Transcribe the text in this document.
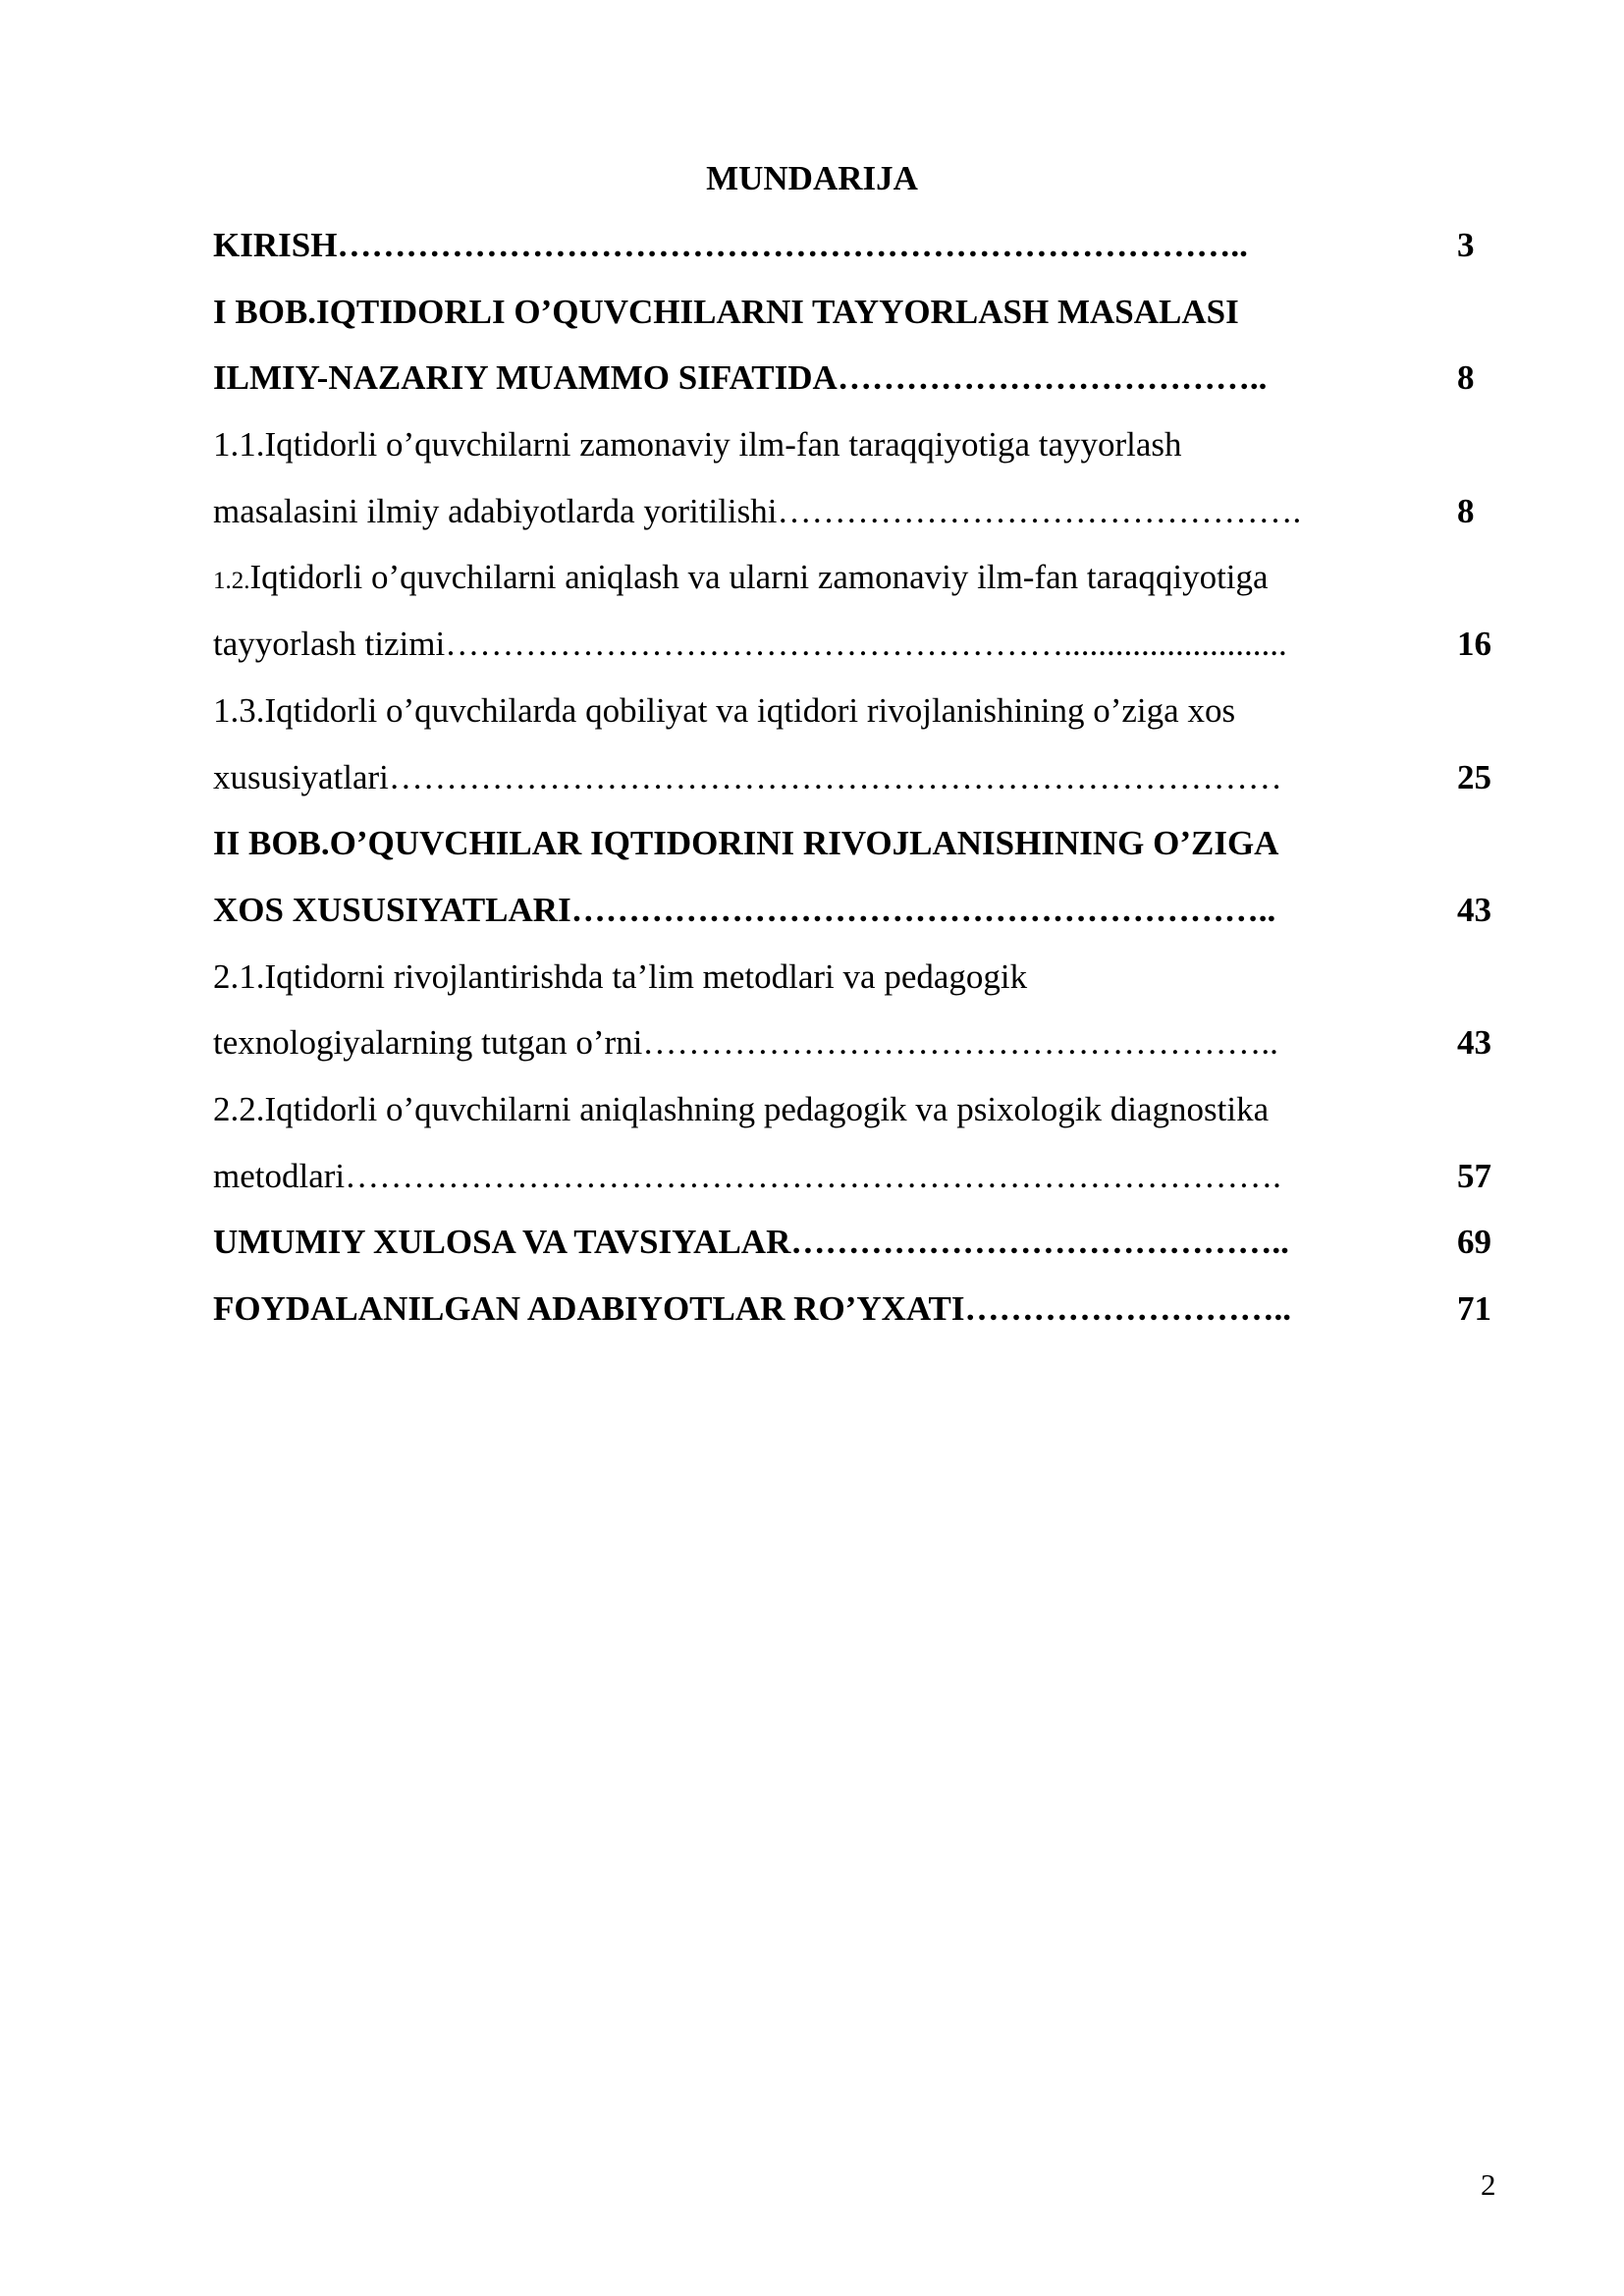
MUNDARIJA
KIRISH……………………………………………………………………..	3
I BOB.IQTIDORLI O’QUVCHILARNI TAYYORLASH MASALASI
ILMIY-NAZARIY MUAMMO SIFATIDA………………………………..	8
1.1.Iqtidorli o’quvchilarni zamonaviy ilm-fan taraqqiyotiga tayyorlash
masalasini ilmiy adabiyotlarda yoritilishi……………………………………….	8
1.2.Iqtidorli o’quvchilarni aniqlash va ularni zamonaviy ilm-fan taraqqiyotiga
tayyorlash tizimi………………………………………………..........................	16
1.3.Iqtidorli o’quvchilarda qobiliyat va iqtidori rivojlanishining o’ziga xos
xususiyatlari……………………………………………………………………	25
II BOB.O’QUVCHILAR IQTIDORINI RIVOJLANISHINING O’ZIGA
XOS XUSUSIYATLARI……………………………………………………..	43
2.1.Iqtidorni rivojlantirishda ta’lim metodlari va pedagogik
texnologiyalarning tutgan o’rni………………………………………………..	43
2.2.Iqtidorli o’quvchilarni aniqlashning pedagogik va psixologik diagnostika
metodlari……………………………………………………………………….	57
UMUMIY XULOSA VA TAVSIYALAR……………………………………..	69
FOYDALANILGAN ADABIYOTLAR RO’YXATI………………………..	71
2
